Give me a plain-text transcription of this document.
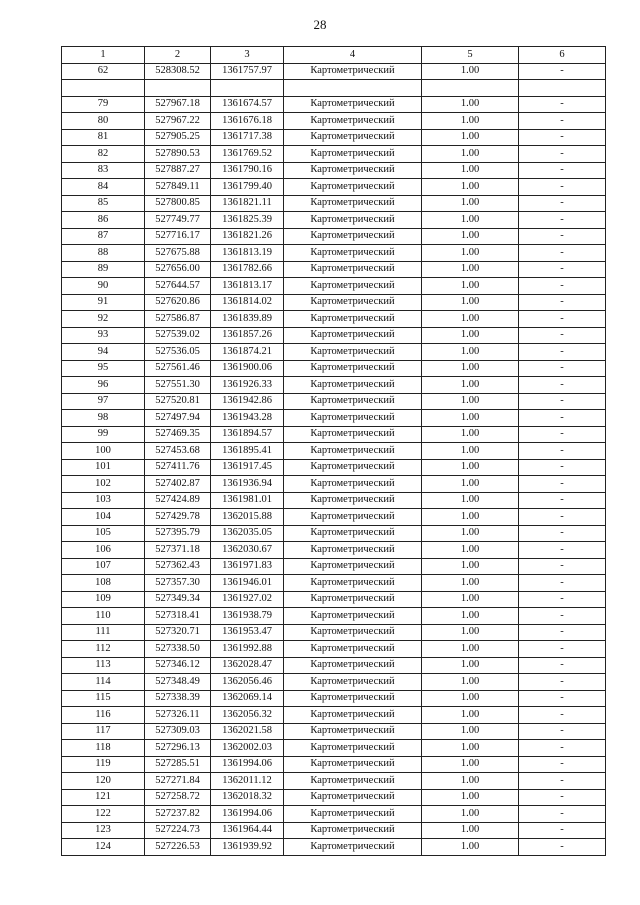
28
1	2	3	4	5	6
62	528308.52	1361757.97	Картометрический	1.00	-

79	527967.18	1361674.57	Картометрический	1.00	-
80	527967.22	1361676.18	Картометрический	1.00	-
81	527905.25	1361717.38	Картометрический	1.00	-
82	527890.53	1361769.52	Картометрический	1.00	-
83	527887.27	1361790.16	Картометрический	1.00	-
84	527849.11	1361799.40	Картометрический	1.00	-
85	527800.85	1361821.11	Картометрический	1.00	-
86	527749.77	1361825.39	Картометрический	1.00	-
87	527716.17	1361821.26	Картометрический	1.00	-
88	527675.88	1361813.19	Картометрический	1.00	-
89	527656.00	1361782.66	Картометрический	1.00	-
90	527644.57	1361813.17	Картометрический	1.00	-
91	527620.86	1361814.02	Картометрический	1.00	-
92	527586.87	1361839.89	Картометрический	1.00	-
93	527539.02	1361857.26	Картометрический	1.00	-
94	527536.05	1361874.21	Картометрический	1.00	-
95	527561.46	1361900.06	Картометрический	1.00	-
96	527551.30	1361926.33	Картометрический	1.00	-
97	527520.81	1361942.86	Картометрический	1.00	-
98	527497.94	1361943.28	Картометрический	1.00	-
99	527469.35	1361894.57	Картометрический	1.00	-
100	527453.68	1361895.41	Картометрический	1.00	-
101	527411.76	1361917.45	Картометрический	1.00	-
102	527402.87	1361936.94	Картометрический	1.00	-
103	527424.89	1361981.01	Картометрический	1.00	-
104	527429.78	1362015.88	Картометрический	1.00	-
105	527395.79	1362035.05	Картометрический	1.00	-
106	527371.18	1362030.67	Картометрический	1.00	-
107	527362.43	1361971.83	Картометрический	1.00	-
108	527357.30	1361946.01	Картометрический	1.00	-
109	527349.34	1361927.02	Картометрический	1.00	-
110	527318.41	1361938.79	Картометрический	1.00	-
111	527320.71	1361953.47	Картометрический	1.00	-
112	527338.50	1361992.88	Картометрический	1.00	-
113	527346.12	1362028.47	Картометрический	1.00	-
114	527348.49	1362056.46	Картометрический	1.00	-
115	527338.39	1362069.14	Картометрический	1.00	-
116	527326.11	1362056.32	Картометрический	1.00	-
117	527309.03	1362021.58	Картометрический	1.00	-
118	527296.13	1362002.03	Картометрический	1.00	-
119	527285.51	1361994.06	Картометрический	1.00	-
120	527271.84	1362011.12	Картометрический	1.00	-
121	527258.72	1362018.32	Картометрический	1.00	-
122	527237.82	1361994.06	Картометрический	1.00	-
123	527224.73	1361964.44	Картометрический	1.00	-
124	527226.53	1361939.92	Картометрический	1.00	-
